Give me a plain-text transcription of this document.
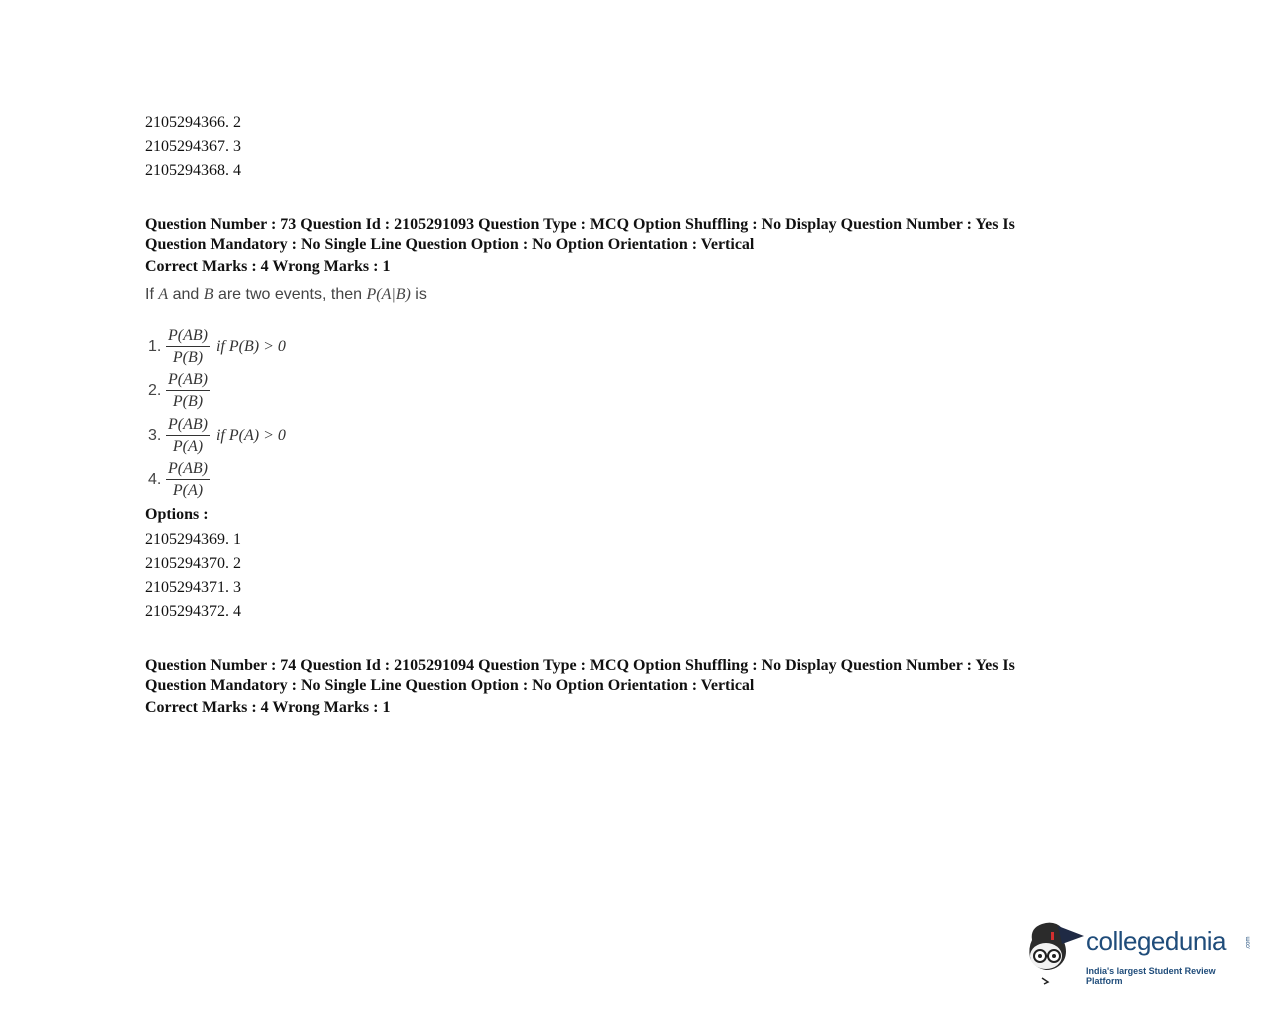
2105294366. 2
2105294367. 3
2105294368. 4
Question Number : 73 Question Id : 2105291093 Question Type : MCQ Option Shuffling : No Display Question Number : Yes Is
Question Mandatory : No Single Line Question Option : No Option Orientation : Vertical
Correct Marks : 4 Wrong Marks : 1
If A and B are two events, then P(A|B) is
1. $\frac{P(AB)}{P(B)}$ if P(B) > 0
2. $\frac{P(AB)}{P(B)}$
3. $\frac{P(AB)}{P(A)}$ if P(A) > 0
4. $\frac{P(AB)}{P(A)}$
Options :
2105294369. 1
2105294370. 2
2105294371. 3
2105294372. 4
Question Number : 74 Question Id : 2105291094 Question Type : MCQ Option Shuffling : No Display Question Number : Yes Is
Question Mandatory : No Single Line Question Option : No Option Orientation : Vertical
Correct Marks : 4 Wrong Marks : 1
collegedunia	.com
India's largest Student Review Platform
